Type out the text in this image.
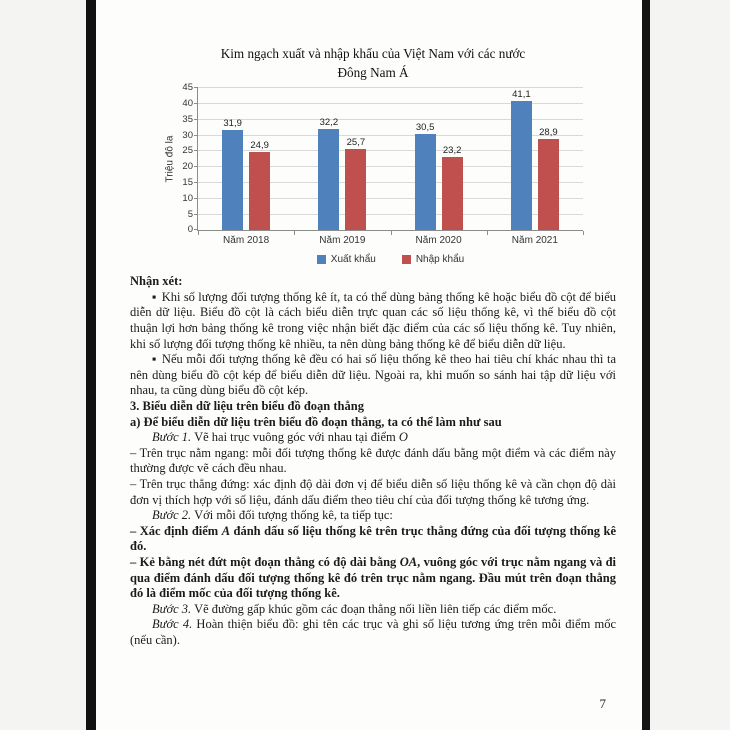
Kim ngạch xuất và nhập khẩu của Việt Nam với các nước
Đông Nam Á
Triệu đô la
0
5
10
15
20
25
30
35
40
45
31,9
24,9
32,2
25,7
30,5
23,2
41,1
28,9
Năm 2018	Năm 2019	Năm 2020	Năm 2021
Xuất khẩu	Nhập khẩu

Nhận xét:

▪ Khi số lượng đối tượng thống kê ít, ta có thể dùng bảng thống kê hoặc biểu đồ cột để biểu diễn dữ liệu. Biểu đồ cột là cách biểu diễn trực quan các số liệu thống kê, vì thế biểu đồ cột thuận lợi hơn bảng thống kê trong việc nhận biết đặc điểm của các số liệu thống kê. Tuy nhiên, khi số lượng đối tượng thống kê nhiều, ta nên dùng bảng thống kê để biểu diễn dữ liệu.

▪ Nếu mỗi đối tượng thống kê đều có hai số liệu thống kê theo hai tiêu chí khác nhau thì ta nên dùng biểu đồ cột kép để biểu diễn dữ liệu. Ngoài ra, khi muốn so sánh hai tập dữ liệu với nhau, ta cũng dùng biểu đồ cột kép.

3. Biểu diễn dữ liệu trên biểu đồ đoạn thẳng

a) Để biểu diễn dữ liệu trên biểu đồ đoạn thẳng, ta có thể làm như sau

Bước 1. Vẽ hai trục vuông góc với nhau tại điểm O

– Trên trục nằm ngang: mỗi đối tượng thống kê được đánh dấu bằng một điểm và các điểm này thường được vẽ cách đều nhau.

– Trên trục thẳng đứng: xác định độ dài đơn vị để biểu diễn số liệu thống kê và cần chọn độ dài đơn vị thích hợp với số liệu, đánh dấu điểm theo tiêu chí của đối tượng thống kê tương ứng.

Bước 2. Với mỗi đối tượng thống kê, ta tiếp tục:

– Xác định điểm A đánh dấu số liệu thống kê trên trục thẳng đứng của đối tượng thống kê đó.

– Kẻ bằng nét đứt một đoạn thẳng có độ dài bằng OA, vuông góc với trục nằm ngang và đi qua điểm đánh dấu đối tượng thống kê đó trên trục nằm ngang. Đầu mút trên đoạn thẳng đó là điểm mốc của đối tượng thống kê.

Bước 3. Vẽ đường gấp khúc gồm các đoạn thẳng nối liền liên tiếp các điểm mốc.

Bước 4. Hoàn thiện biểu đồ: ghi tên các trục và ghi số liệu tương ứng trên mỗi điểm mốc (nếu cần).

7
